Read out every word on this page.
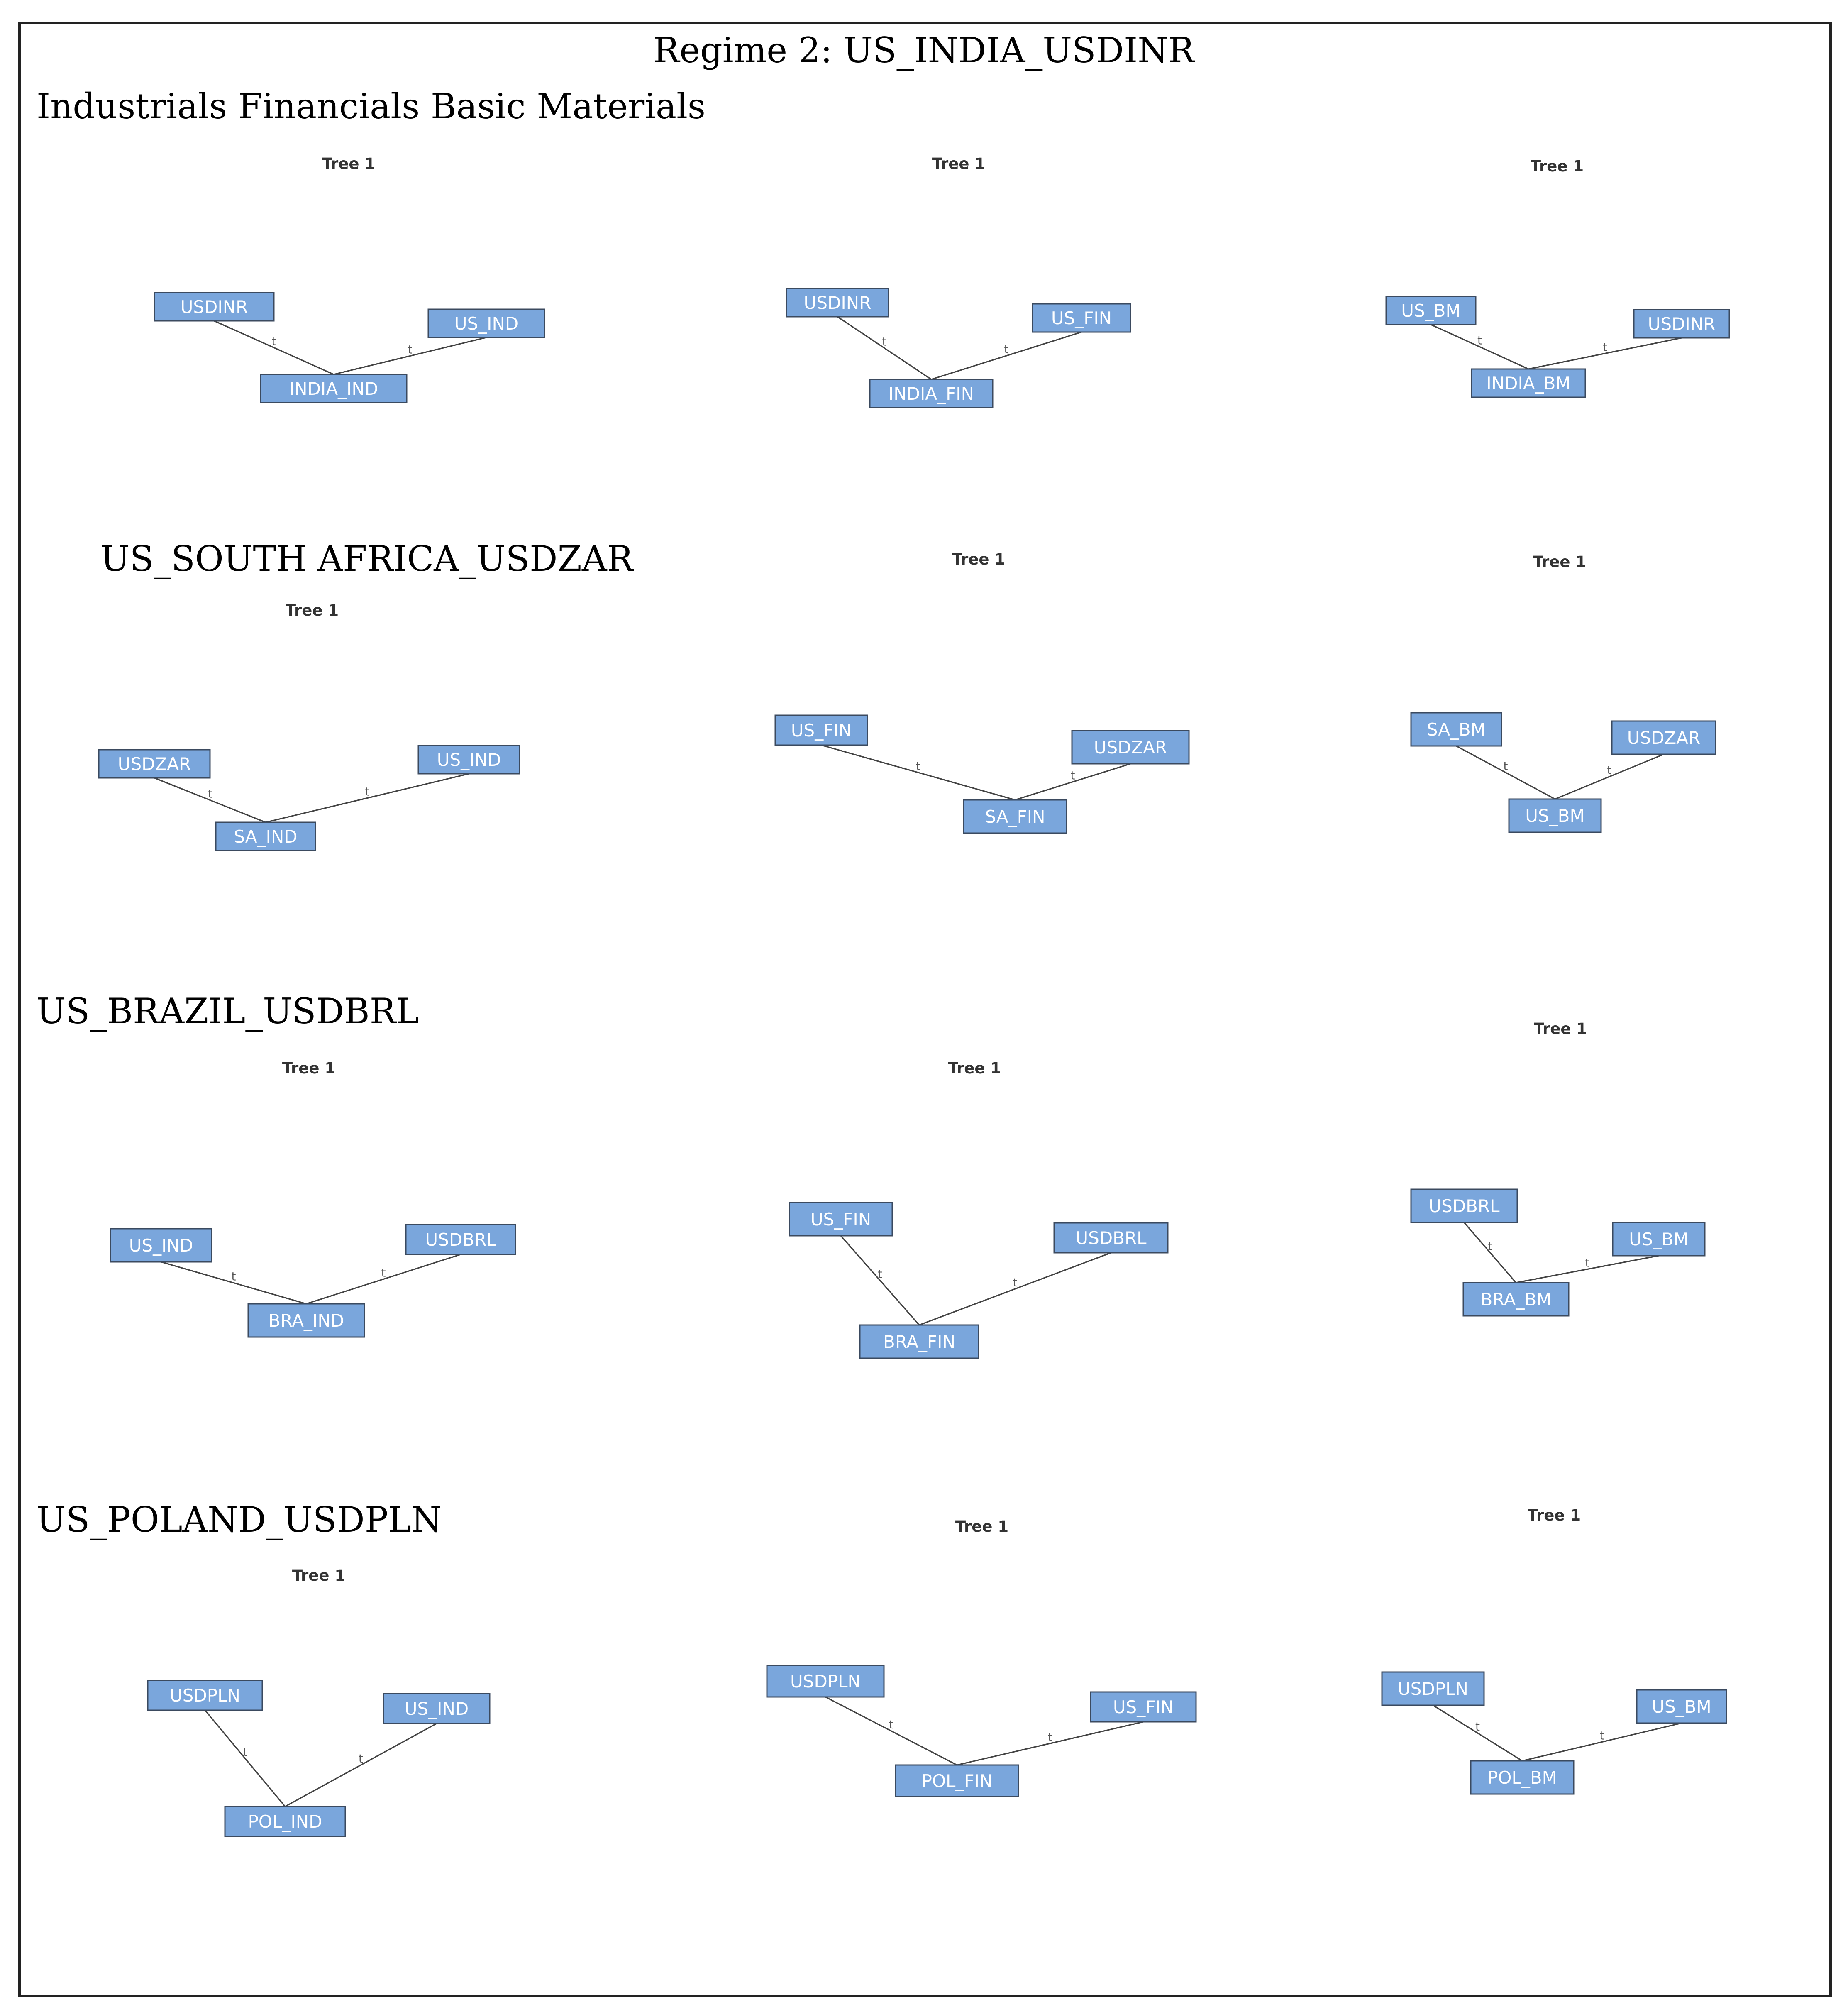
Regime 2: US_INDIA_USDINR
Industrials Financials Basic Materials
US_SOUTH AFRICA_USDZAR
US_BRAZIL_USDBRL
US_POLAND_USDPLN
Tree 1
t
t
USDINR
US_IND
INDIA_IND
Tree 1
t
t
USDINR
US_FIN
INDIA_FIN
Tree 1
t	t
US_BM
USDINR
INDIA_BM
Tree 1
t	t
USDZAR	US_IND
SA_IND
Tree 1
t
t
US_FIN
USDZAR
SA_FIN
Tree 1
t	t
SA_BM	USDZAR
US_BM
Tree 1
t	t
US_IND	USDBRL
BRA_IND
Tree 1
t
t
US_FIN
USDBRL
BRA_FIN
Tree 1
t
t
USDBRL
US_BM
BRA_BM
Tree 1
t	t
USDPLN
US_IND
POL_IND
Tree 1
t
t
USDPLN
US_FIN
POL_FIN
Tree 1
t
t
USDPLN
US_BM
POL_BM
